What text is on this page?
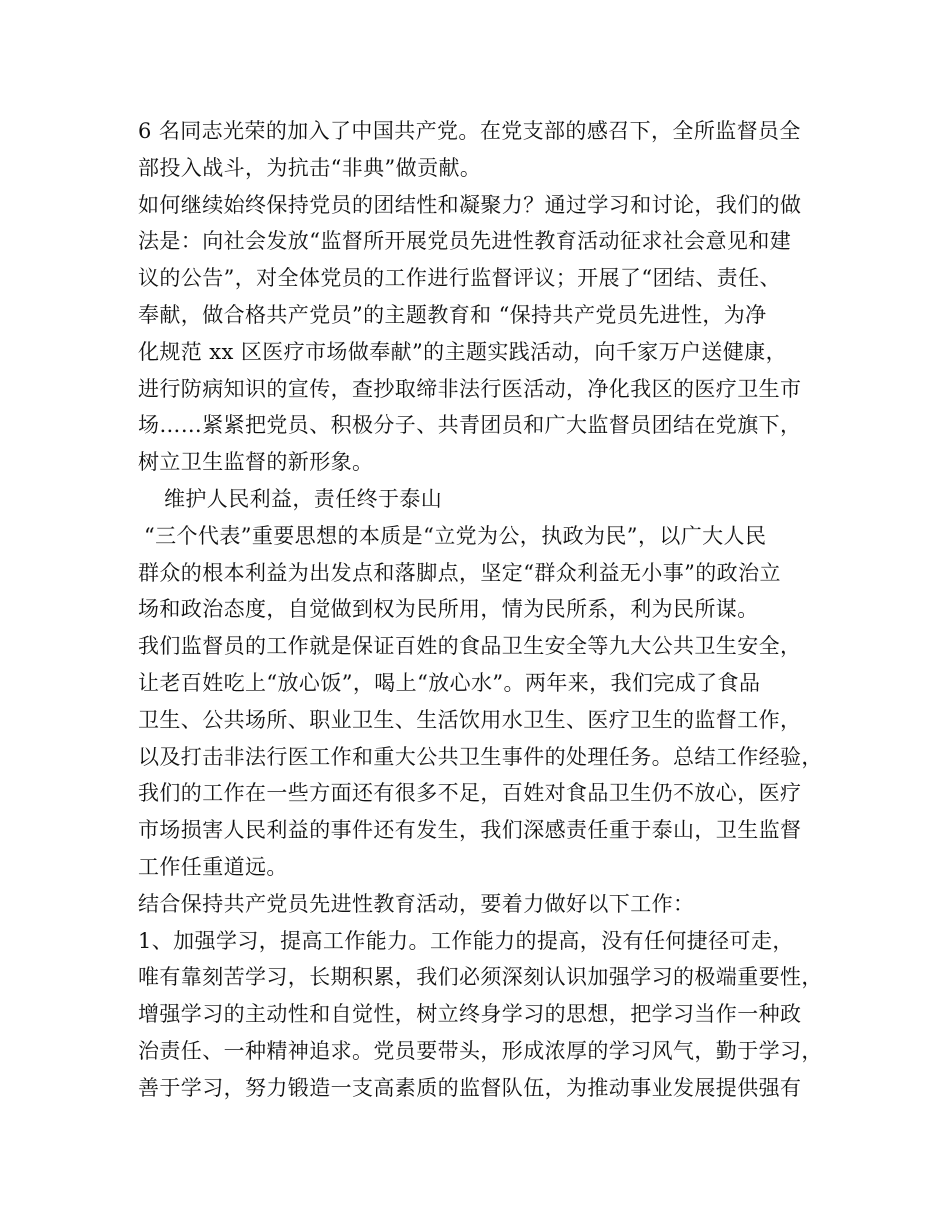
6 名同志光荣的加入了中国共产党。在党支部的感召下，全所监督员全
部投入战斗，为抗击“非典”做贡献。
如何继续始终保持党员的团结性和凝聚力？通过学习和讨论，我们的做
法是：向社会发放“监督所开展党员先进性教育活动征求社会意见和建
议的公告”，对全体党员的工作进行监督评议；开展了“团结、责任、
奉献，做合格共产党员”的主题教育和 “保持共产党员先进性，为净
化规范 xx 区医疗市场做奉献”的主题实践活动，向千家万户送健康，
进行防病知识的宣传，查抄取缔非法行医活动，净化我区的医疗卫生市
场……紧紧把党员、积极分子、共青团员和广大监督员团结在党旗下，
树立卫生监督的新形象。
维护人民利益，责任终于泰山
“三个代表”重要思想的本质是“立党为公，执政为民”，以广大人民
群众的根本利益为出发点和落脚点，坚定“群众利益无小事”的政治立
场和政治态度，自觉做到权为民所用，情为民所系，利为民所谋。
我们监督员的工作就是保证百姓的食品卫生安全等九大公共卫生安全，
让老百姓吃上“放心饭”，喝上“放心水”。两年来，我们完成了食品
卫生、公共场所、职业卫生、生活饮用水卫生、医疗卫生的监督工作，
以及打击非法行医工作和重大公共卫生事件的处理任务。总结工作经验，
我们的工作在一些方面还有很多不足，百姓对食品卫生仍不放心，医疗
市场损害人民利益的事件还有发生，我们深感责任重于泰山，卫生监督
工作任重道远。
结合保持共产党员先进性教育活动，要着力做好以下工作：
1、加强学习，提高工作能力。工作能力的提高，没有任何捷径可走，
唯有靠刻苦学习，长期积累，我们必须深刻认识加强学习的极端重要性，
增强学习的主动性和自觉性，树立终身学习的思想，把学习当作一种政
治责任、一种精神追求。党员要带头，形成浓厚的学习风气，勤于学习，
善于学习，努力锻造一支高素质的监督队伍，为推动事业发展提供强有
